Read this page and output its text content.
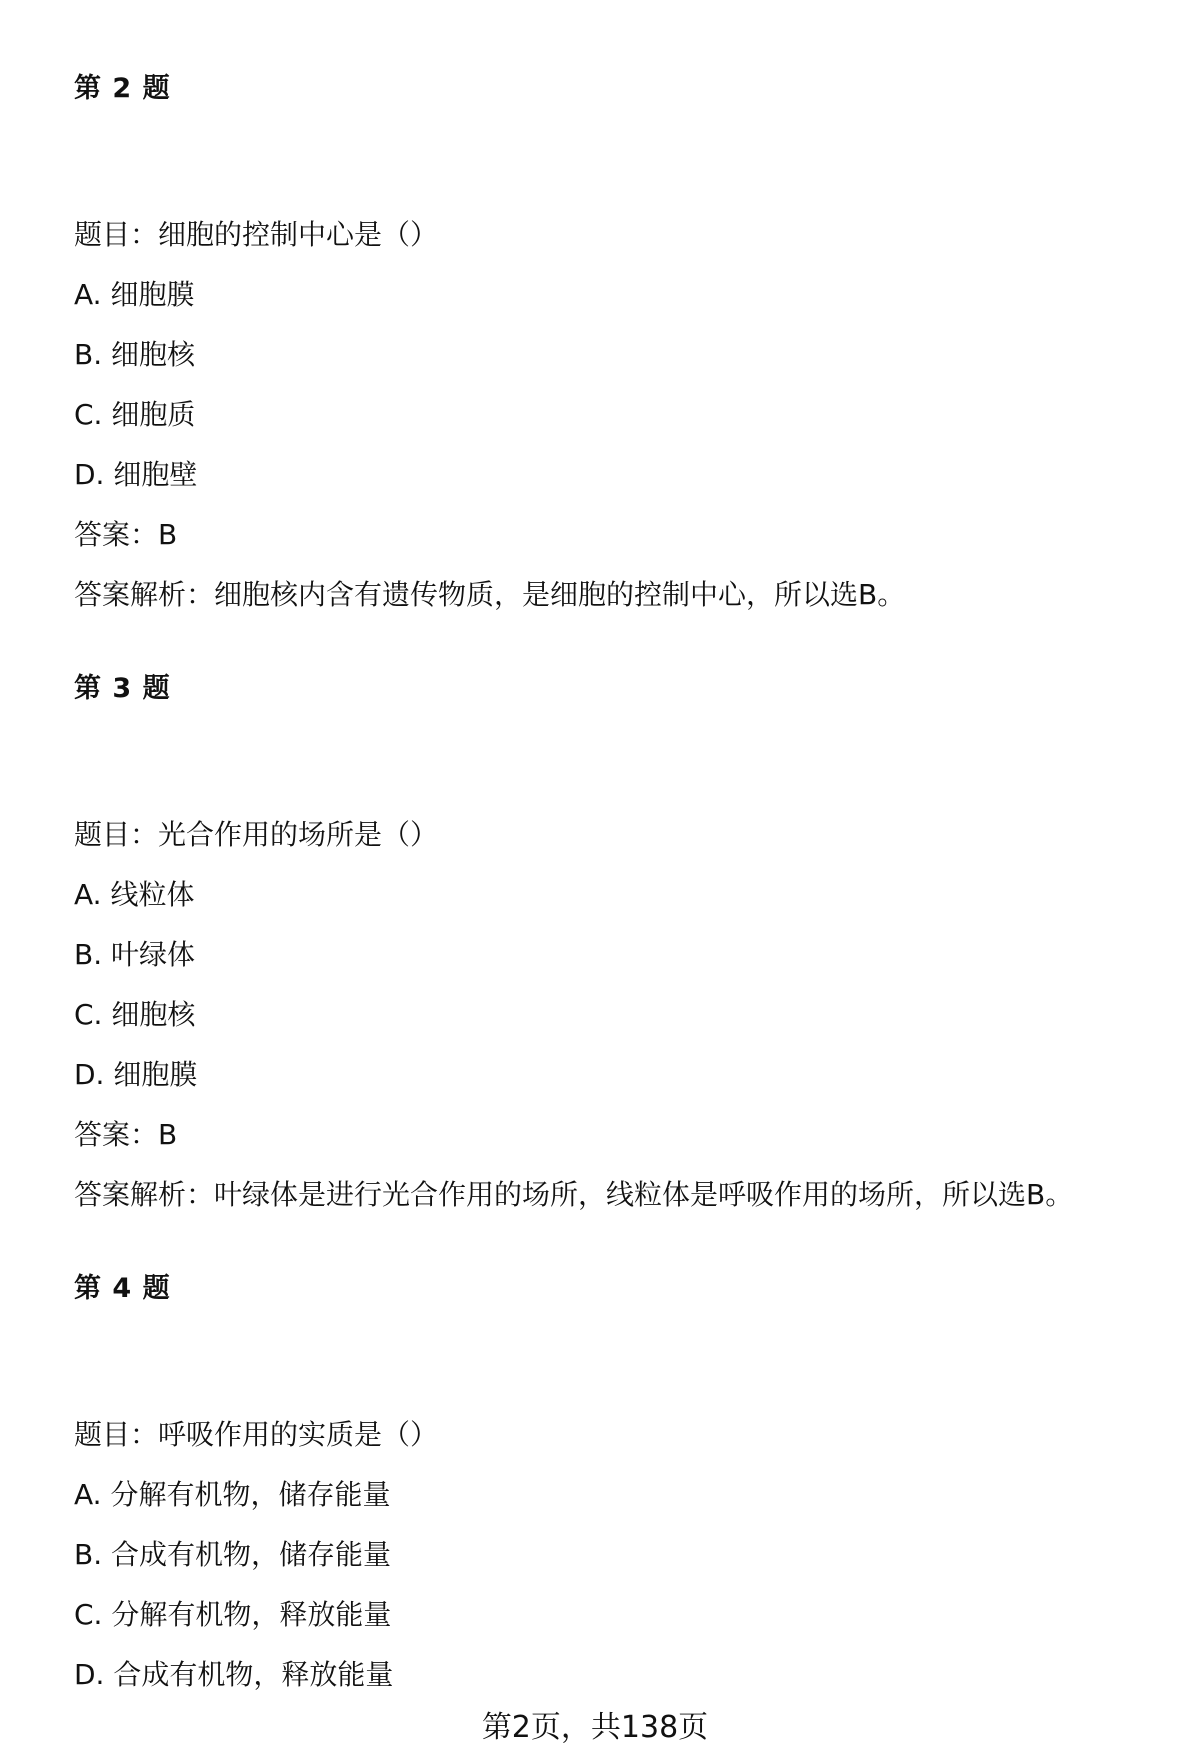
第 2 题
题目：细胞的控制中心是（）
A. 细胞膜
B. 细胞核
C. 细胞质
D. 细胞壁
答案：B
答案解析：细胞核内含有遗传物质，是细胞的控制中心，所以选B。
第 3 题
题目：光合作用的场所是（）
A. 线粒体
B. 叶绿体
C. 细胞核
D. 细胞膜
答案：B
答案解析：叶绿体是进行光合作用的场所，线粒体是呼吸作用的场所，所以选B。
第 4 题
题目：呼吸作用的实质是（）
A. 分解有机物，储存能量
B. 合成有机物，储存能量
C. 分解有机物，释放能量
D. 合成有机物，释放能量
第2页，共138页
